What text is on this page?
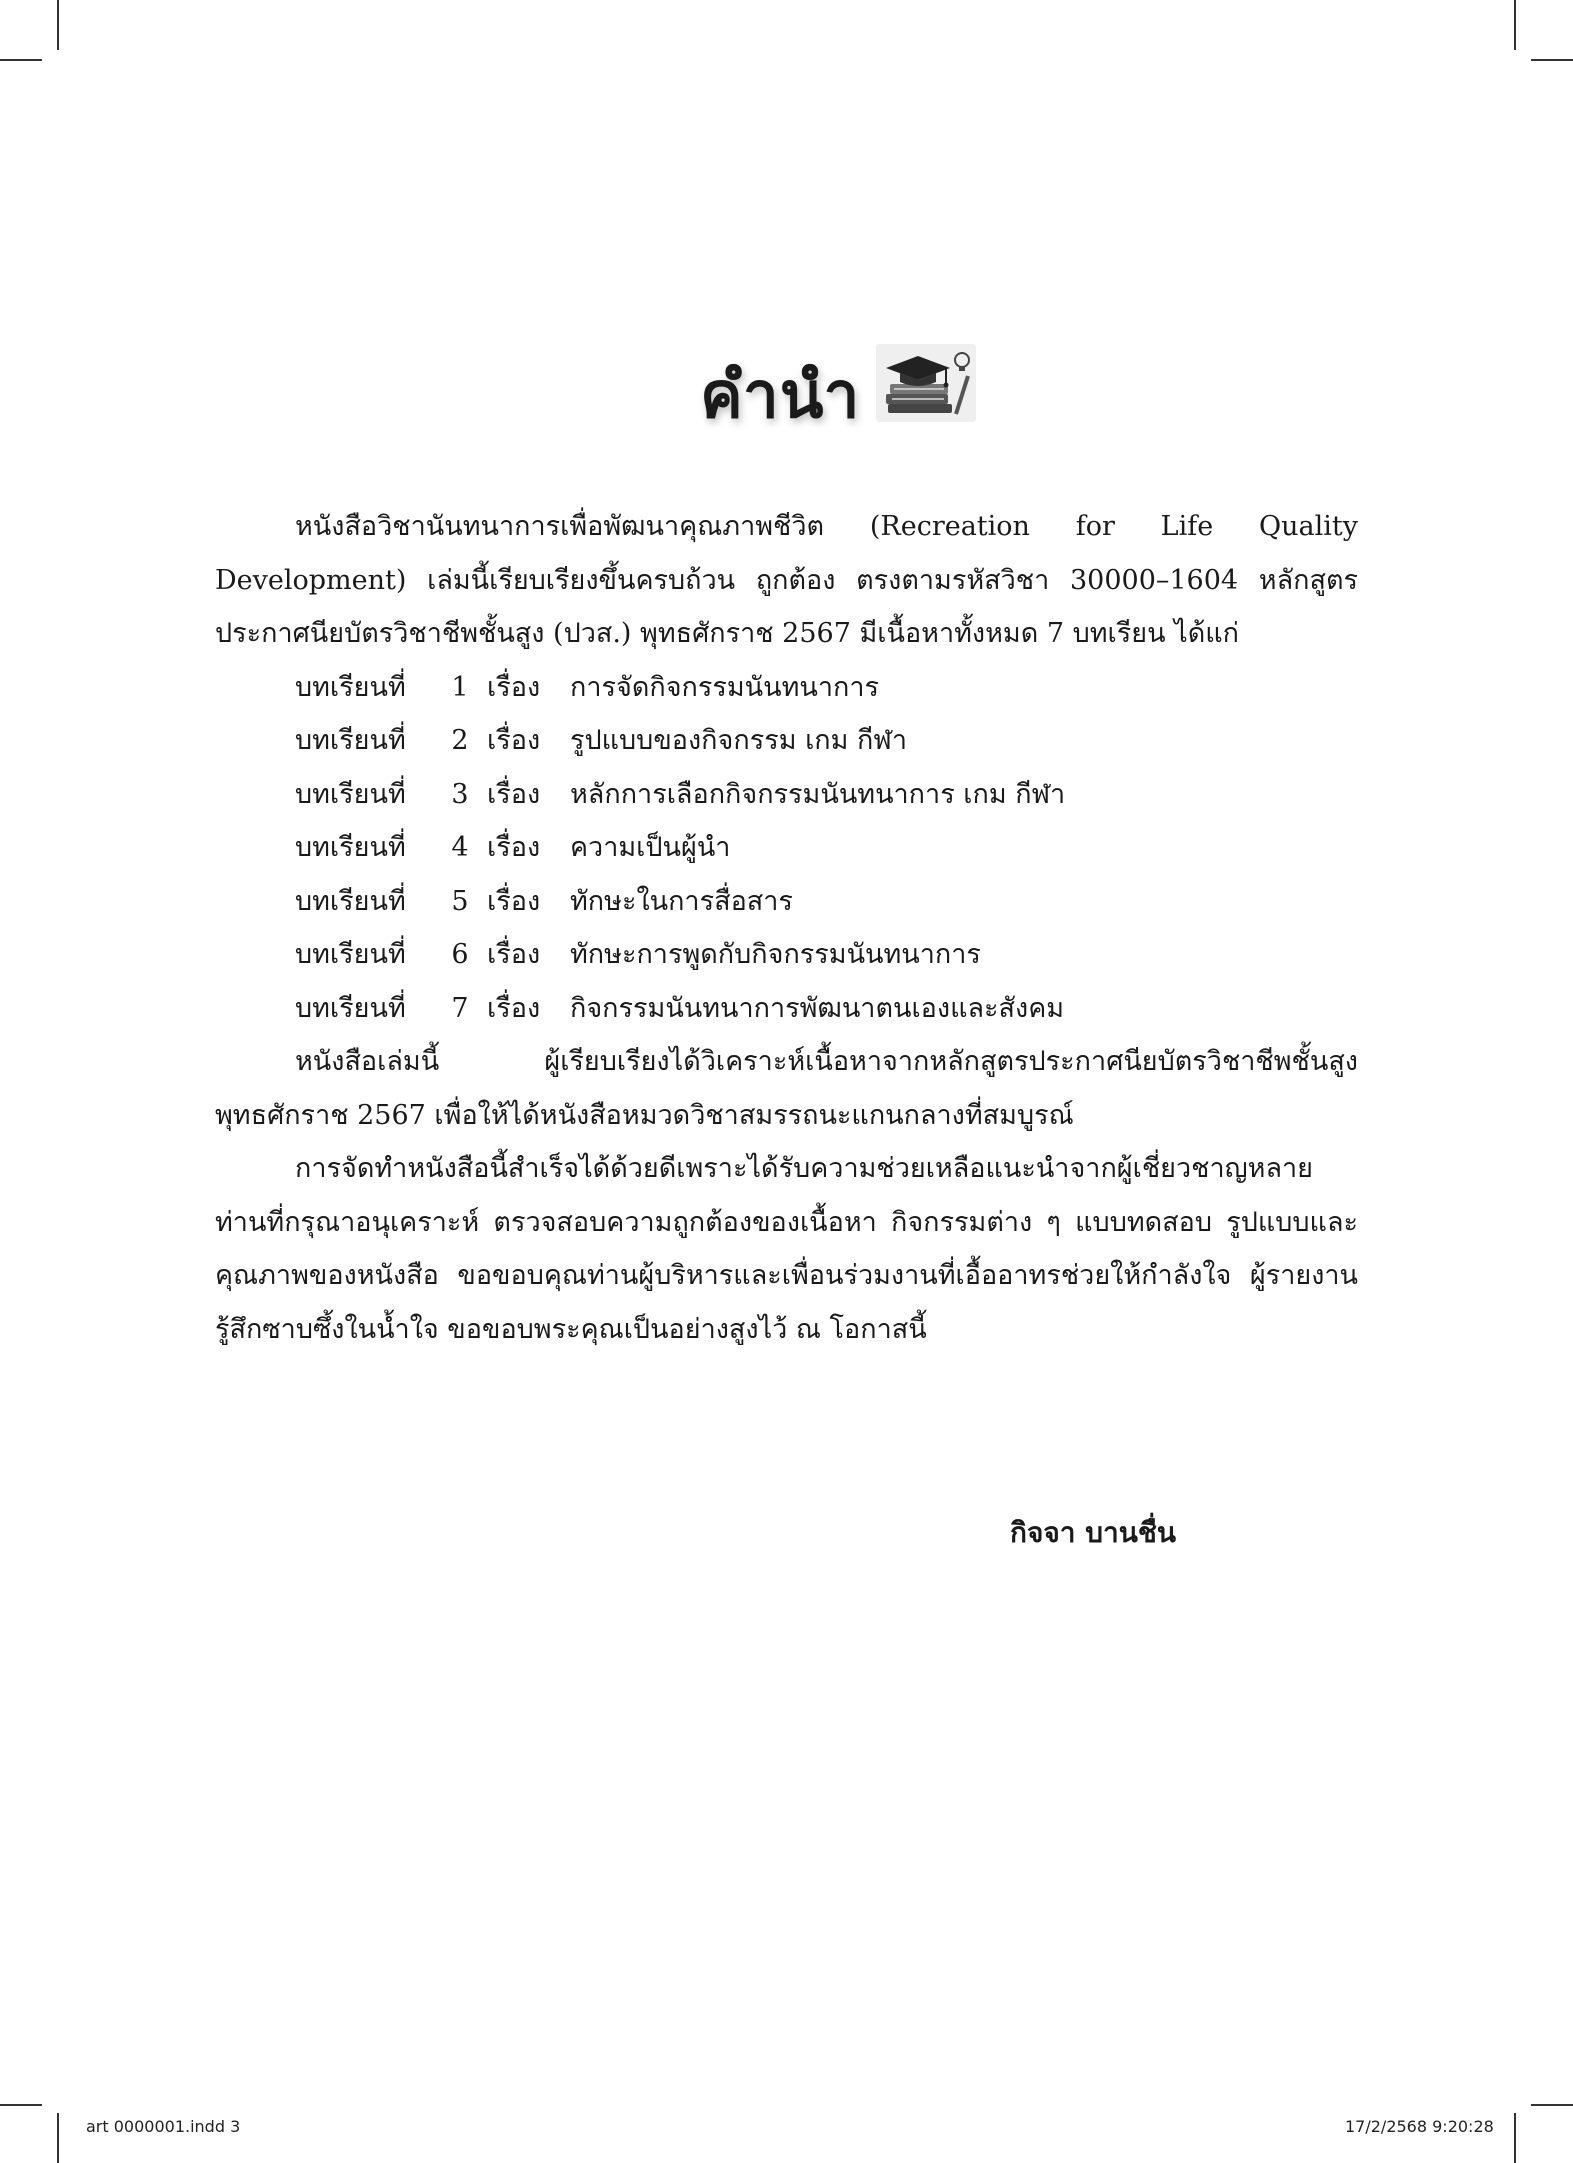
คำนำ

หนังสือวิชานันทนาการเพื่อพัฒนาคุณภาพชีวิต (Recreation for Life Quality Development) เล่มนี้เรียบเรียงขึ้นครบถ้วน ถูกต้อง ตรงตามรหัสวิชา 30000–1604 หลักสูตรประกาศนียบัตรวิชาชีพชั้นสูง (ปวส.) พุทธศักราช 2567 มีเนื้อหาทั้งหมด 7 บทเรียน ได้แก่

บทเรียนที่	1 เรื่อง	การจัดกิจกรรมนันทนาการ
บทเรียนที่	2 เรื่อง	รูปแบบของกิจกรรม เกม กีฬา
บทเรียนที่	3 เรื่อง	หลักการเลือกกิจกรรมนันทนาการ เกม กีฬา
บทเรียนที่	4 เรื่อง	ความเป็นผู้นำ
บทเรียนที่	5 เรื่อง	ทักษะในการสื่อสาร
บทเรียนที่	6 เรื่อง	ทักษะการพูดกับกิจกรรมนันทนาการ
บทเรียนที่	7 เรื่อง	กิจกรรมนันทนาการพัฒนาตนเองและสังคม

หนังสือเล่มนี้ ผู้เรียบเรียงได้วิเคราะห์เนื้อหาจากหลักสูตรประกาศนียบัตรวิชาชีพชั้นสูง พุทธศักราช 2567 เพื่อให้ได้หนังสือหมวดวิชาสมรรถนะแกนกลางที่สมบูรณ์

การจัดทำหนังสือนี้สำเร็จได้ด้วยดีเพราะได้รับความช่วยเหลือแนะนำจากผู้เชี่ยวชาญหลายท่านที่กรุณาอนุเคราะห์ ตรวจสอบความถูกต้องของเนื้อหา กิจกรรมต่าง ๆ แบบทดสอบ รูปแบบและคุณภาพของหนังสือ ขอขอบคุณท่านผู้บริหารและเพื่อนร่วมงานที่เอื้ออาทรช่วยให้กำลังใจ ผู้รายงานรู้สึกซาบซึ้งในน้ำใจ ขอขอบพระคุณเป็นอย่างสูงไว้ ณ โอกาสนี้

กิจจา บานชื่น
art 0000001.indd 3	17/2/2568 9:20:28
